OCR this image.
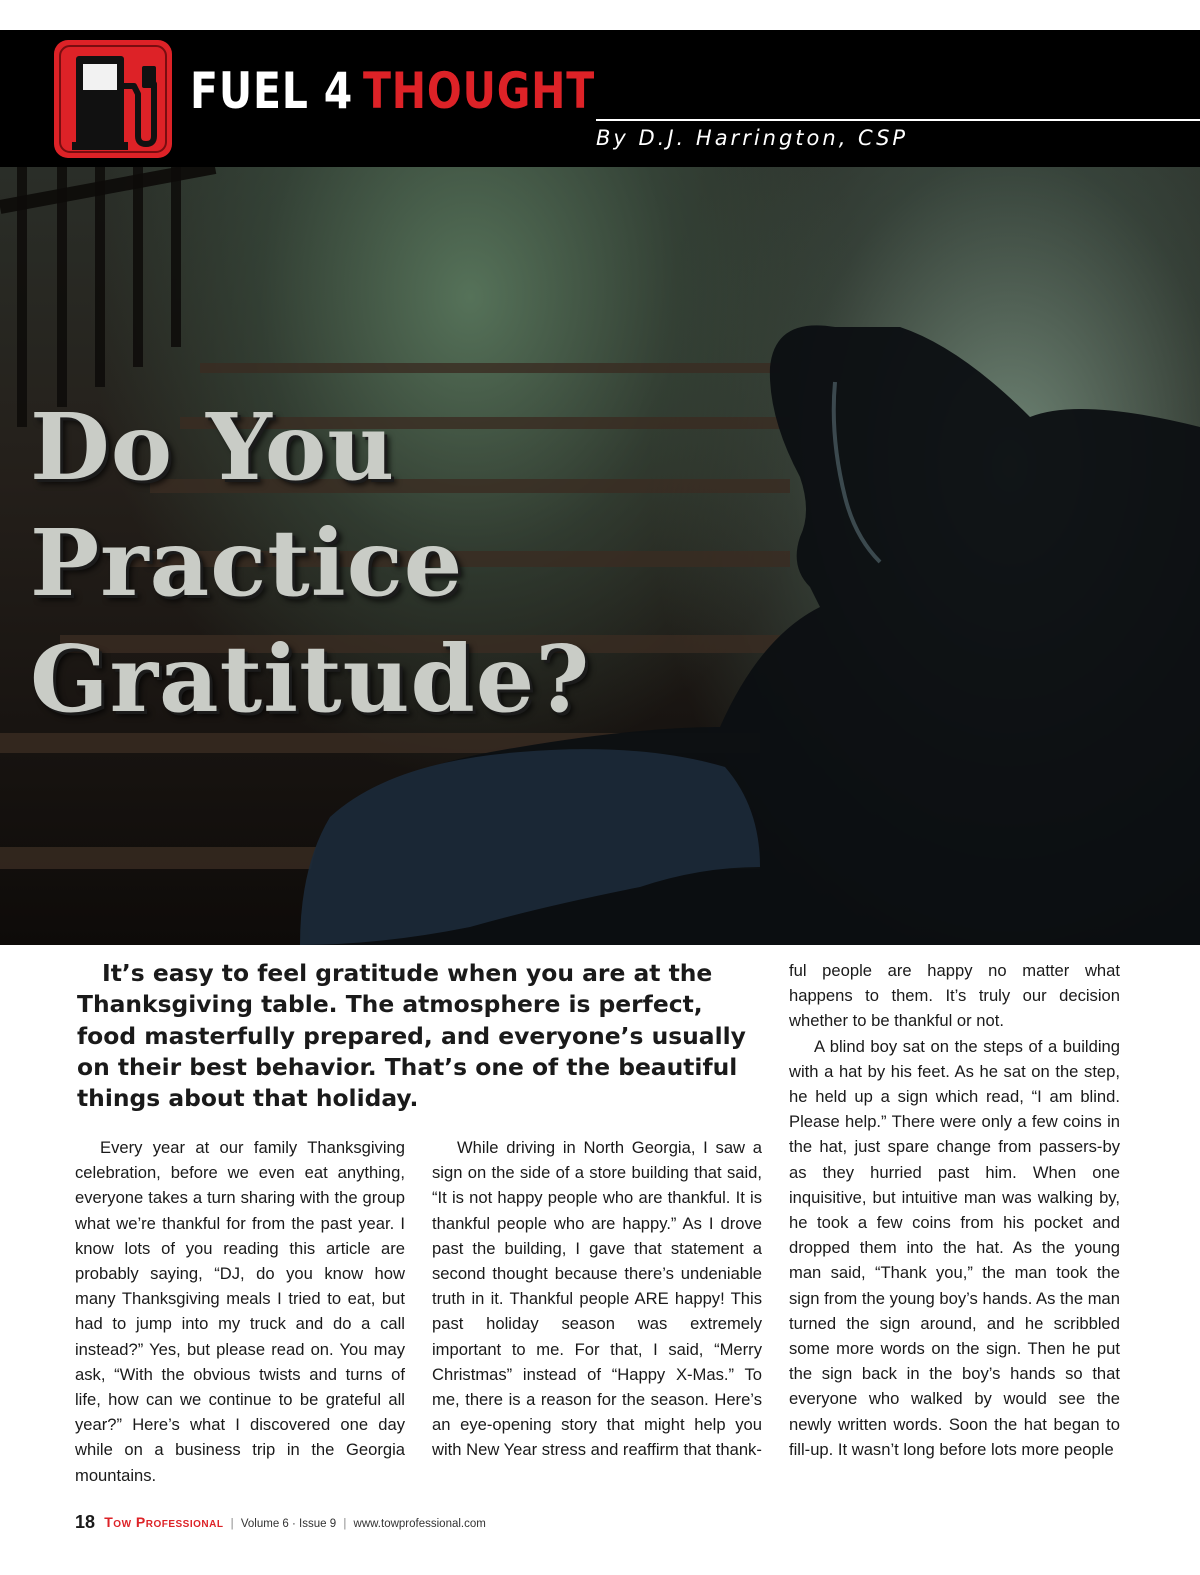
FUEL 4 THOUGHT
By D.J. Harrington, CSP
Do You
Practice
Gratitude?

It’s easy to feel gratitude when you are at the Thanksgiving table. The atmosphere is perfect, food masterfully prepared, and everyone’s usually on their best behavior. That’s one of the beautiful things about that holiday.

Every year at our family Thanksgiving celebration, before we even eat anything, everyone takes a turn sharing with the group what we’re thankful for from the past year. I know lots of you reading this article are probably saying, “DJ, do you know how many Thanksgiving meals I tried to eat, but had to jump into my truck and do a call instead?” Yes, but please read on. You may ask, “With the obvious twists and turns of life, how can we continue to be grateful all year?” Here’s what I discovered one day while on a business trip in the Georgia mountains.

While driving in North Georgia, I saw a sign on the side of a store building that said, “It is not happy people who are thankful. It is thankful people who are happy.” As I drove past the building, I gave that statement a second thought because there’s undeniable truth in it. Thankful people ARE happy! This past holiday season was extremely important to me. For that, I said, “Merry Christmas” instead of “Happy X-Mas.” To me, there is a reason for the season. Here’s an eye-opening story that might help you with New Year stress and reaffirm that thank-

ful people are happy no matter what happens to them. It’s truly our decision whether to be thankful or not.

A blind boy sat on the steps of a building with a hat by his feet. As he sat on the step, he held up a sign which read, “I am blind. Please help.” There were only a few coins in the hat, just spare change from passers-by as they hurried past him. When one inquisitive, but intuitive man was walking by, he took a few coins from his pocket and dropped them into the hat. As the young man said, “Thank you,” the man took the sign from the young boy’s hands. As the man turned the sign around, and he scribbled some more words on the sign. Then he put the sign back in the boy’s hands so that everyone who walked by would see the newly written words. Soon the hat began to fill-up. It wasn’t long before lots more people

18 Tow Professional | Volume 6 · Issue 9 | www.towprofessional.com
